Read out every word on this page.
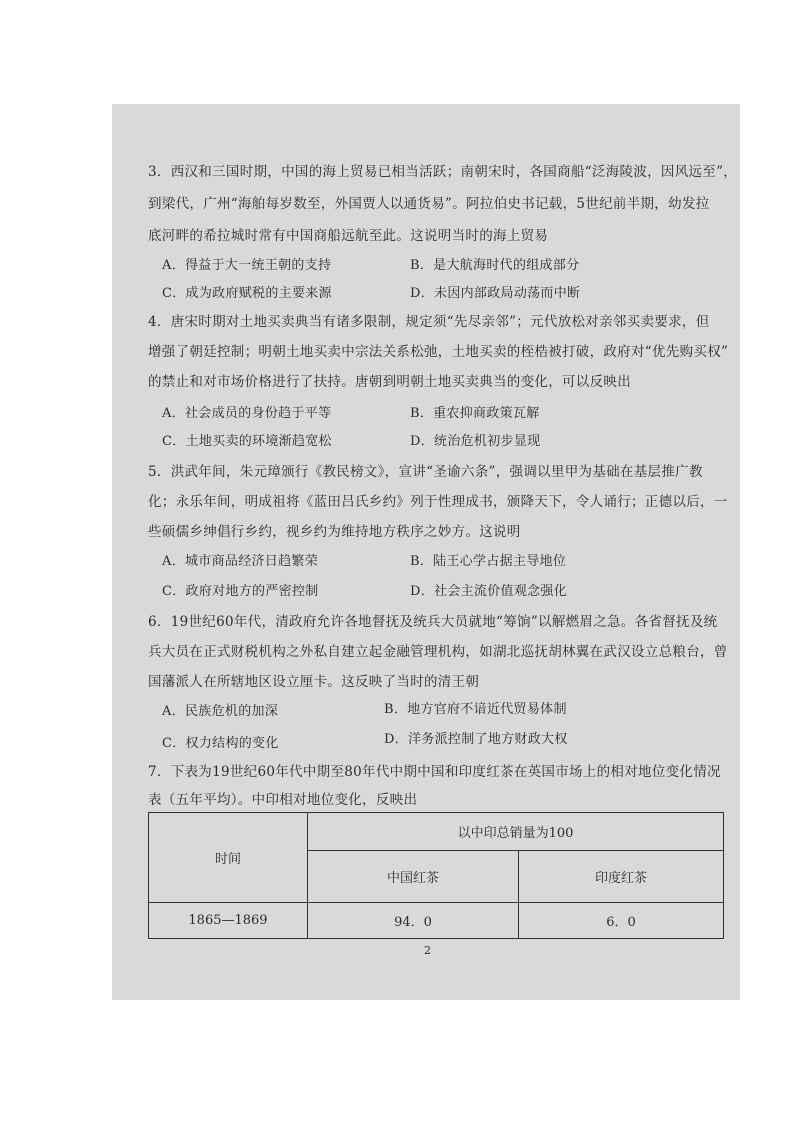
3．西汉和三国时期，中国的海上贸易已相当活跃；南朝宋时，各国商船“泛海陵波，因风远至”，
到梁代，广州“海舶每岁数至，外国贾人以通货易”。阿拉伯史书记载，5世纪前半期，幼发拉
底河畔的希拉城时常有中国商船远航至此。这说明当时的海上贸易
A．得益于大一统王朝的支持	B．是大航海时代的组成部分
C．成为政府赋税的主要来源	D．未因内部政局动荡而中断
4．唐宋时期对土地买卖典当有诸多限制，规定须“先尽亲邻”；元代放松对亲邻买卖要求，但
增强了朝廷控制；明朝土地买卖中宗法关系松弛，土地买卖的桎梏被打破，政府对“优先购买权”
的禁止和对市场价格进行了扶持。唐朝到明朝土地买卖典当的变化，可以反映出
A．社会成员的身份趋于平等	B．重农抑商政策瓦解
C．土地买卖的环境渐趋宽松	D．统治危机初步显现
5．洪武年间，朱元璋颁行《教民榜文》，宣讲“圣谕六条”，强调以里甲为基础在基层推广教
化；永乐年间，明成祖将《蓝田吕氏乡约》列于性理成书，颁降天下，令人诵行；正德以后，一
些硕儒乡绅倡行乡约，视乡约为维持地方秩序之妙方。这说明
A．城市商品经济日趋繁荣	B．陆王心学占据主导地位
C．政府对地方的严密控制	D．社会主流价值观念强化
6．19世纪60年代，清政府允许各地督抚及统兵大员就地“筹饷”以解燃眉之急。各省督抚及统
兵大员在正式财税机构之外私自建立起金融管理机构，如湖北巡抚胡林翼在武汉设立总粮台，曾
国藩派人在所辖地区设立厘卡。这反映了当时的清王朝
A．民族危机的加深	B．地方官府不谙近代贸易体制
C．权力结构的变化	D．洋务派控制了地方财政大权
7．下表为19世纪60年代中期至80年代中期中国和印度红茶在英国市场上的相对地位变化情况
表（五年平均）。中印相对地位变化，反映出
时间	以中印总销量为100	
	中国红茶	印度红茶
1865—1869	94．0	6．0
2
